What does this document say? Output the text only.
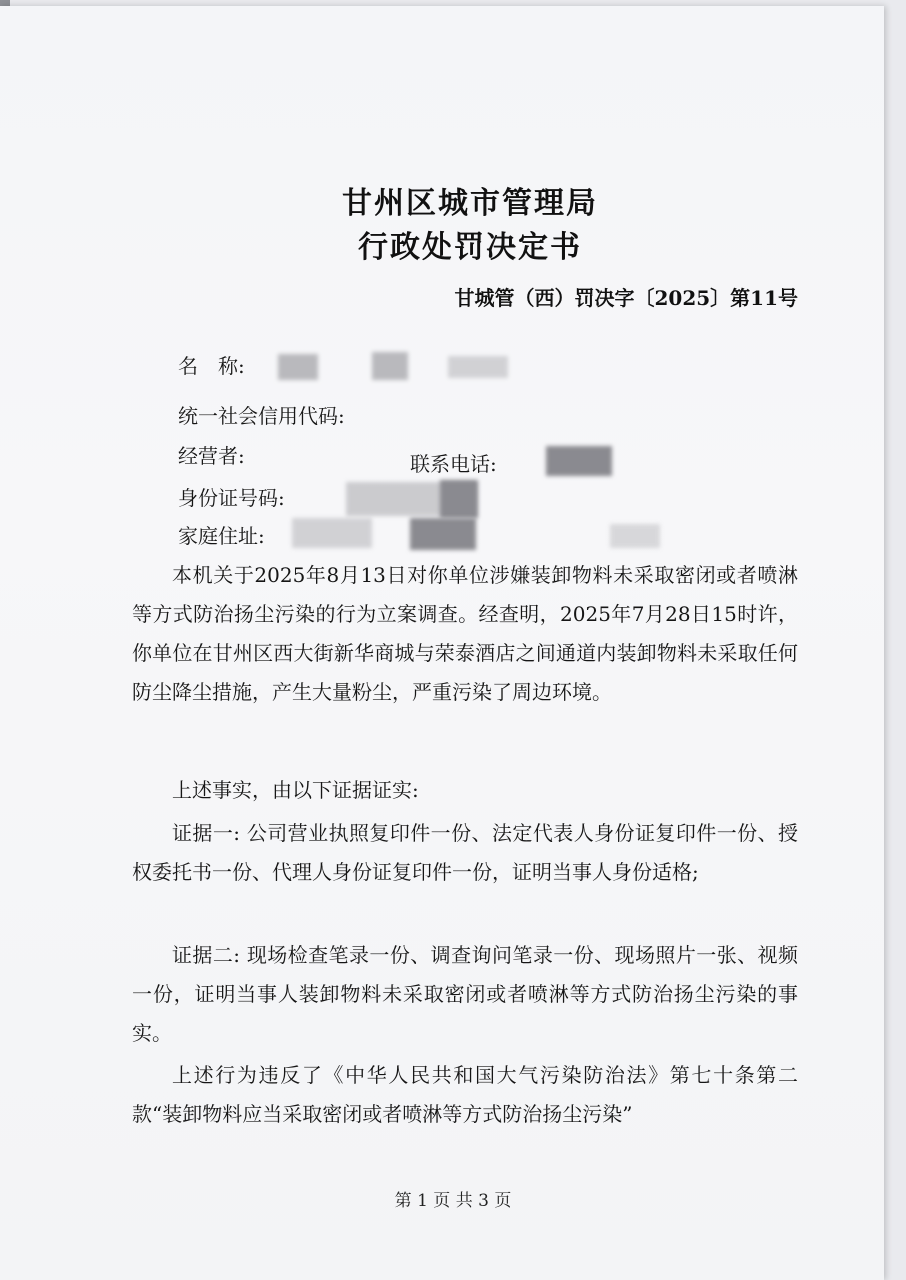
甘州区城市管理局
行政处罚决定书
甘城管（西）罚决字〔2025〕第11号
名　称:
统一社会信用代码:
经营者:	联系电话:
身份证号码:
家庭住址:

本机关于2025年8月13日对你单位涉嫌装卸物料未采取密闭或者喷淋等方式防治扬尘污染的行为立案调查。经查明，2025年7月28日15时许，你单位在甘州区西大街新华商城与荣泰酒店之间通道内装卸物料未采取任何防尘降尘措施，产生大量粉尘，严重污染了周边环境。

上述事实，由以下证据证实:

证据一: 公司营业执照复印件一份、法定代表人身份证复印件一份、授权委托书一份、代理人身份证复印件一份，证明当事人身份适格;

证据二: 现场检查笔录一份、调查询问笔录一份、现场照片一张、视频一份，证明当事人装卸物料未采取密闭或者喷淋等方式防治扬尘污染的事实。

上述行为违反了《中华人民共和国大气污染防治法》第七十条第二款“装卸物料应当采取密闭或者喷淋等方式防治扬尘污染”

第 1 页 共 3 页
